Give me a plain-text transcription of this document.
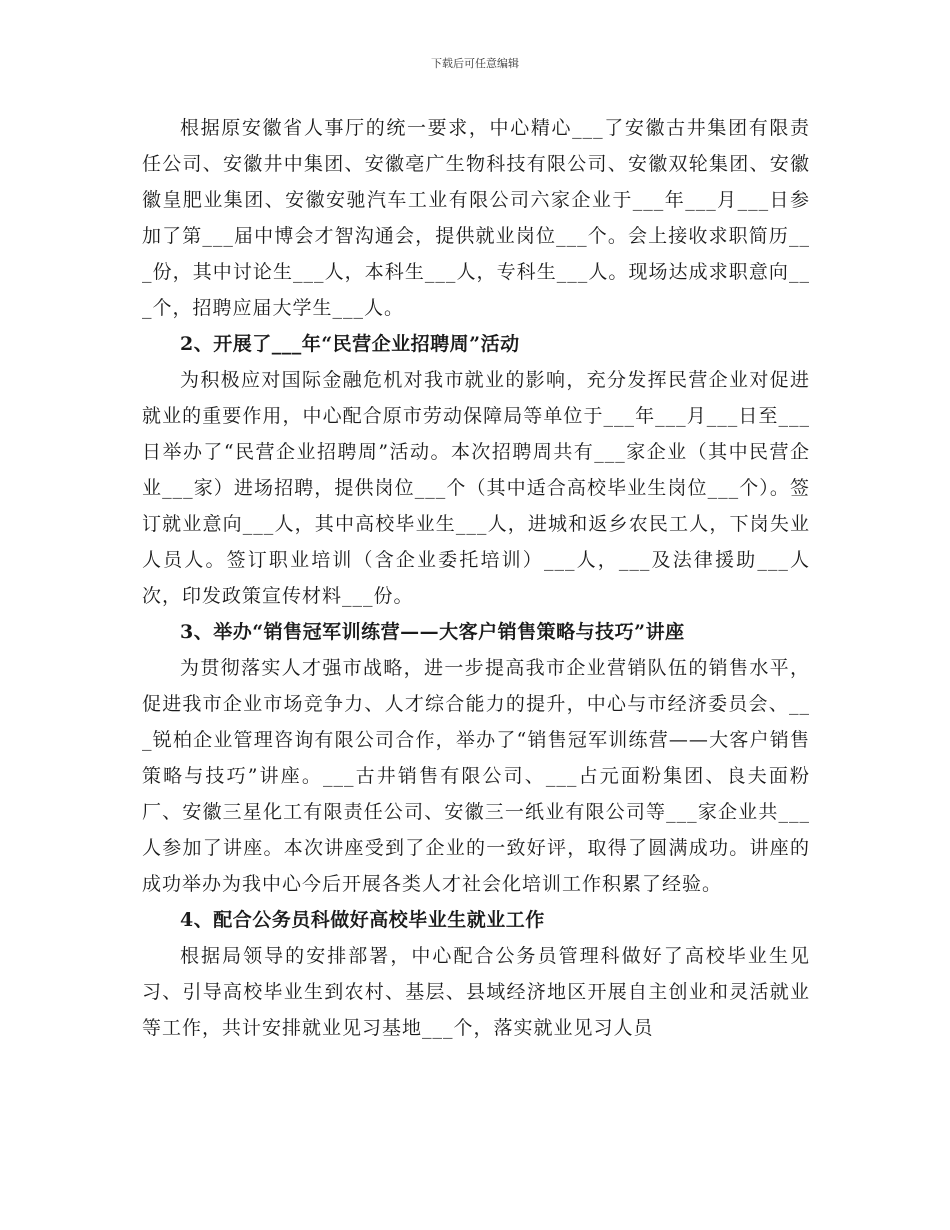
下载后可任意编辑

根据原安徽省人事厅的统一要求，中心精心___了安徽古井集团有限责任公司、安徽井中集团、安徽亳广生物科技有限公司、安徽双轮集团、安徽徽皇肥业集团、安徽安驰汽车工业有限公司六家企业于___年___月___日参加了第___届中博会才智沟通会，提供就业岗位___个。会上接收求职简历___份，其中讨论生___人，本科生___人，专科生___人。现场达成求职意向___个，招聘应届大学生___人。

2、开展了___年“民营企业招聘周”活动

为积极应对国际金融危机对我市就业的影响，充分发挥民营企业对促进就业的重要作用，中心配合原市劳动保障局等单位于___年___月___日至___日举办了“民营企业招聘周”活动。本次招聘周共有___家企业（其中民营企业___家）进场招聘，提供岗位___个（其中适合高校毕业生岗位___个）。签订就业意向___人，其中高校毕业生___人，进城和返乡农民工人，下岗失业人员人。签订职业培训（含企业委托培训）___人，___及法律援助___人次，印发政策宣传材料___份。

3、举办“销售冠军训练营——大客户销售策略与技巧”讲座

为贯彻落实人才强市战略，进一步提高我市企业营销队伍的销售水平，促进我市企业市场竞争力、人才综合能力的提升，中心与市经济委员会、___锐柏企业管理咨询有限公司合作，举办了“销售冠军训练营——大客户销售策略与技巧”讲座。___古井销售有限公司、___占元面粉集团、良夫面粉厂、安徽三星化工有限责任公司、安徽三一纸业有限公司等___家企业共___人参加了讲座。本次讲座受到了企业的一致好评，取得了圆满成功。讲座的成功举办为我中心今后开展各类人才社会化培训工作积累了经验。

4、配合公务员科做好高校毕业生就业工作

根据局领导的安排部署，中心配合公务员管理科做好了高校毕业生见习、引导高校毕业生到农村、基层、县域经济地区开展自主创业和灵活就业等工作，共计安排就业见习基地___个，落实就业见习人员
